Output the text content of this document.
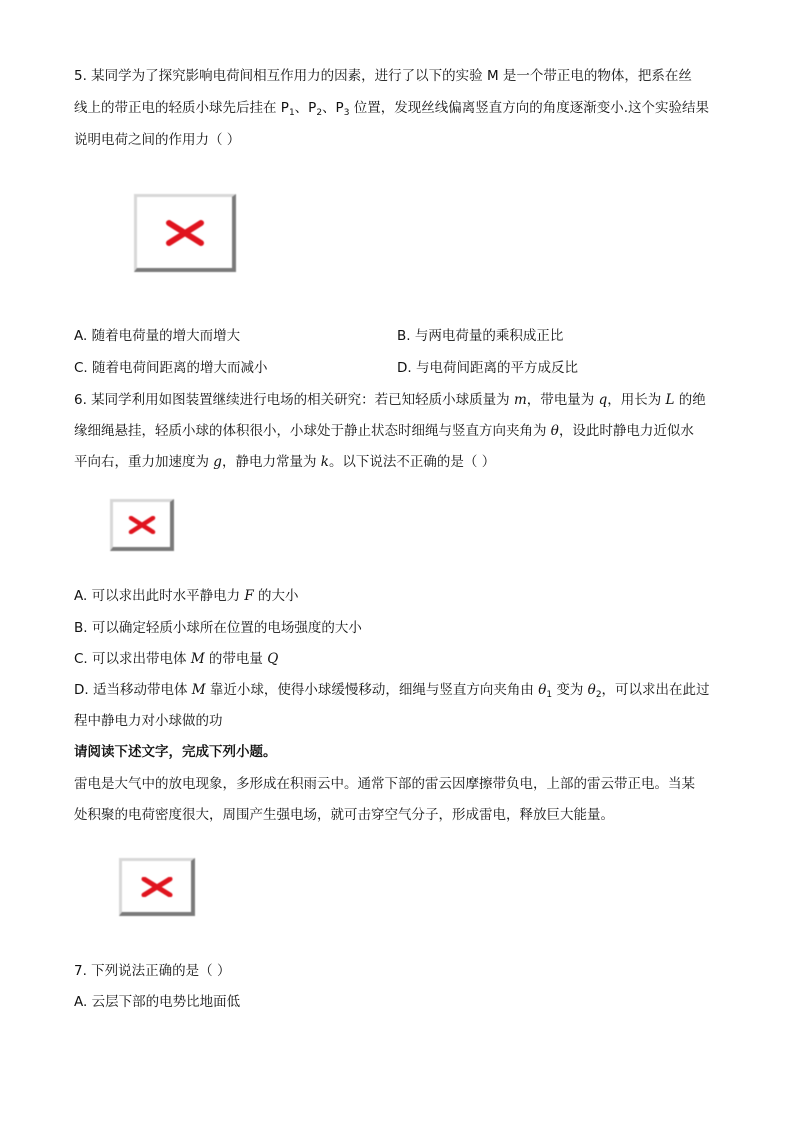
5. 某同学为了探究影响电荷间相互作用力的因素，进行了以下的实验 M 是一个带正电的物体，把系在丝
线上的带正电的轻质小球先后挂在 $P_1$、$P_2$、$P_3$ 位置，发现丝线偏离竖直方向的角度逐渐变小.这个实验结果
说明电荷之间的作用力（ ）
A. 随着电荷量的增大而增大	B. 与两电荷量的乘积成正比
C. 随着电荷间距离的增大而减小	D. 与电荷间距离的平方成反比
6. 某同学利用如图装置继续进行电场的相关研究：若已知轻质小球质量为 m，带电量为 q，用长为 L 的绝
缘细绳悬挂，轻质小球的体积很小，小球处于静止状态时细绳与竖直方向夹角为 θ，设此时静电力近似水
平向右，重力加速度为 g，静电力常量为 k。以下说法不正确的是（ ）
A. 可以求出此时水平静电力 F 的大小
B. 可以确定轻质小球所在位置的电场强度的大小
C. 可以求出带电体 M 的带电量 Q
D. 适当移动带电体 M 靠近小球，使得小球缓慢移动，细绳与竖直方向夹角由 $\theta_1$ 变为 $\theta_2$，可以求出在此过
程中静电力对小球做的功
请阅读下述文字，完成下列小题。
雷电是大气中的放电现象，多形成在积雨云中。通常下部的雷云因摩擦带负电，上部的雷云带正电。当某
处积聚的电荷密度很大，周围产生强电场，就可击穿空气分子，形成雷电，释放巨大能量。
7. 下列说法正确的是（ ）
A. 云层下部的电势比地面低
